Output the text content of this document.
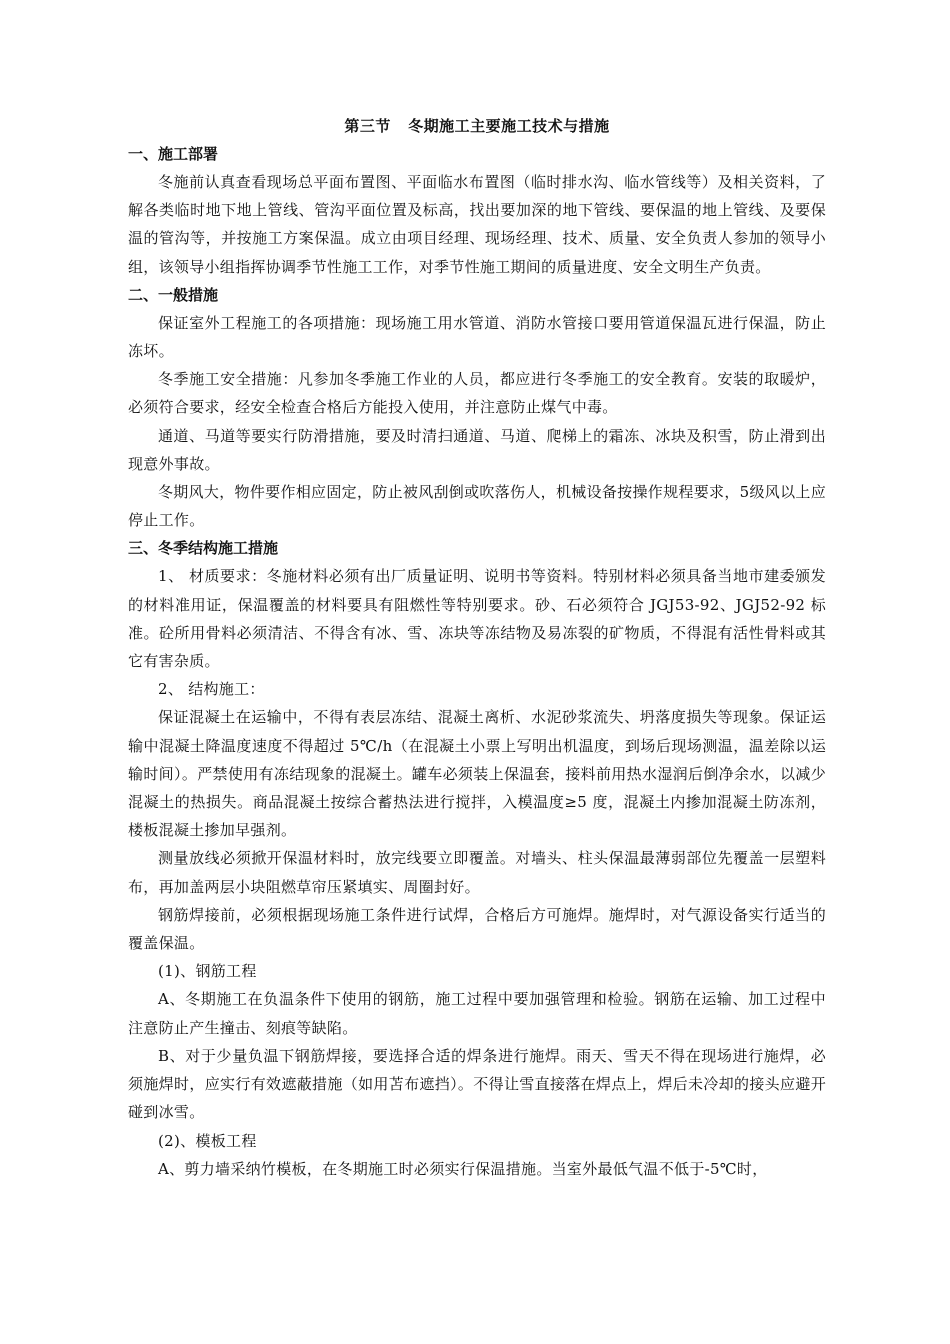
第三节   冬期施工主要施工技术与措施

一、施工部署

冬施前认真查看现场总平面布置图、平面临水布置图（临时排水沟、临水管线等）及相关资料，了解各类临时地下地上管线、管沟平面位置及标高，找出要加深的地下管线、要保温的地上管线、及要保温的管沟等，并按施工方案保温。成立由项目经理、现场经理、技术、质量、安全负责人参加的领导小组，该领导小组指挥协调季节性施工工作，对季节性施工期间的质量进度、安全文明生产负责。

二、一般措施

保证室外工程施工的各项措施：现场施工用水管道、消防水管接口要用管道保温瓦进行保温，防止冻坏。

冬季施工安全措施：凡参加冬季施工作业的人员，都应进行冬季施工的安全教育。安装的取暖炉，必须符合要求，经安全检查合格后方能投入使用，并注意防止煤气中毒。

通道、马道等要实行防滑措施，要及时清扫通道、马道、爬梯上的霜冻、冰块及积雪，防止滑到出现意外事故。

冬期风大，物件要作相应固定，防止被风刮倒或吹落伤人，机械设备按操作规程要求，5级风以上应停止工作。

三、冬季结构施工措施

1、 材质要求：冬施材料必须有出厂质量证明、说明书等资料。特别材料必须具备当地市建委颁发的材料准用证，保温覆盖的材料要具有阻燃性等特别要求。砂、石必须符合 JGJ53-92、JGJ52-92 标准。砼所用骨料必须清洁、不得含有冰、雪、冻块等冻结物及易冻裂的矿物质，不得混有活性骨料或其它有害杂质。

2、 结构施工：

保证混凝土在运输中，不得有表层冻结、混凝土离析、水泥砂浆流失、坍落度损失等现象。保证运输中混凝土降温度速度不得超过 5℃/h（在混凝土小票上写明出机温度，到场后现场测温，温差除以运输时间）。严禁使用有冻结现象的混凝土。罐车必须装上保温套，接料前用热水湿润后倒净余水，以减少混凝土的热损失。商品混凝土按综合蓄热法进行搅拌，入模温度≥5 度，混凝土内掺加混凝土防冻剂，楼板混凝土掺加早强剂。

测量放线必须掀开保温材料时，放完线要立即覆盖。对墙头、柱头保温最薄弱部位先覆盖一层塑料布，再加盖两层小块阻燃草帘压紧填实、周圈封好。

钢筋焊接前，必须根据现场施工条件进行试焊，合格后方可施焊。施焊时，对气源设备实行适当的覆盖保温。

(1)、钢筋工程

A、冬期施工在负温条件下使用的钢筋，施工过程中要加强管理和检验。钢筋在运输、加工过程中注意防止产生撞击、刻痕等缺陷。

B、对于少量负温下钢筋焊接，要选择合适的焊条进行施焊。雨天、雪天不得在现场进行施焊，必须施焊时，应实行有效遮蔽措施（如用苫布遮挡）。不得让雪直接落在焊点上，焊后未冷却的接头应避开碰到冰雪。

(2)、模板工程

A、剪力墙采纳竹模板，在冬期施工时必须实行保温措施。当室外最低气温不低于-5℃时，
